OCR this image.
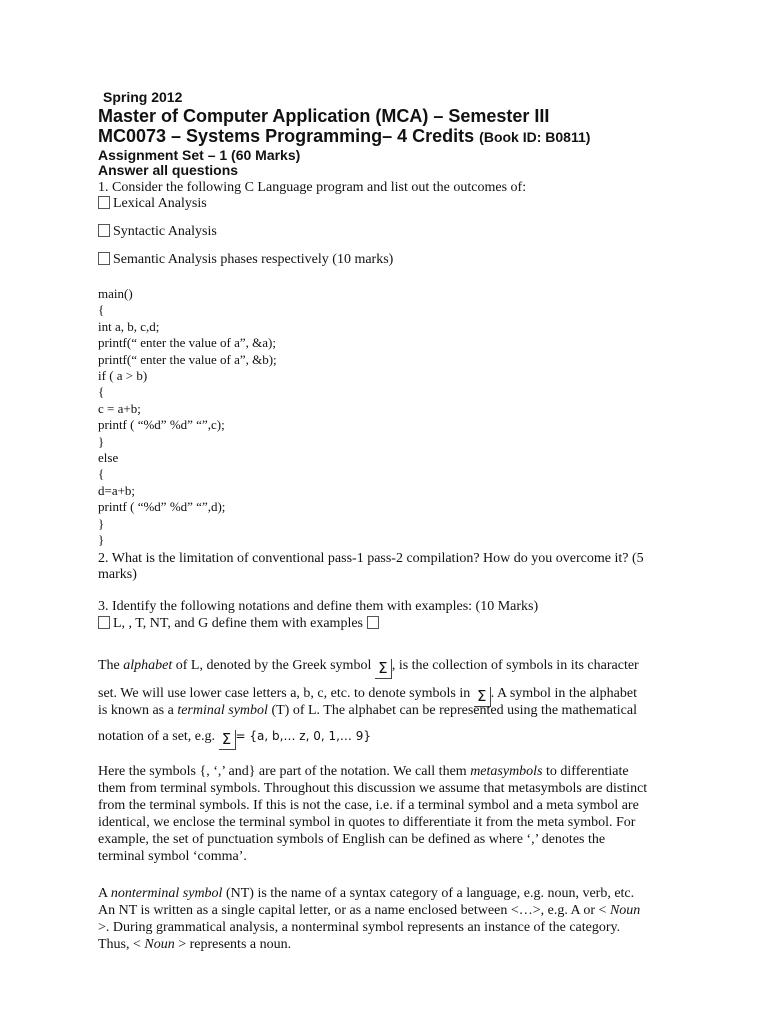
Spring 2012
Master of Computer Application (MCA) – Semester III
MC0073 – Systems Programming– 4 Credits (Book ID: B0811)
Assignment Set – 1 (60 Marks)
Answer all questions
1. Consider the following C Language program and list out the outcomes of:
Lexical Analysis
Syntactic Analysis
Semantic Analysis phases respectively (10 marks)
main()
{
int a, b, c,d;
printf(“ enter the value of a”, &a);
printf(“ enter the value of a”, &b);
if ( a > b)
{
c = a+b;
printf ( “%d” %d” “”,c);
}
else
{
d=a+b;
printf ( “%d” %d” “”,d);
}
}
2. What is the limitation of conventional pass-1 pass-2 compilation? How do you overcome it? (5
marks)
3. Identify the following notations and define them with examples: (10 Marks)
L, , T, NT, and G define them with examples
The alphabet of L, denoted by the Greek symbol Σ , is the collection of symbols in its character
set. We will use lower case letters a, b, c, etc. to denote symbols in Σ . A symbol in the alphabet
is known as a terminal symbol (T) of L. The alphabet can be represented using the mathematical
notation of a set, e.g. Σ = {a, b,… z, 0, 1,… 9}
Here the symbols {, ‘,’ and} are part of the notation. We call them metasymbols to differentiate
them from terminal symbols. Throughout this discussion we assume that metasymbols are distinct
from the terminal symbols. If this is not the case, i.e. if a terminal symbol and a meta symbol are
identical, we enclose the terminal symbol in quotes to differentiate it from the meta symbol. For
example, the set of punctuation symbols of English can be defined as where ‘,’ denotes the
terminal symbol ‘comma’.
A nonterminal symbol (NT) is the name of a syntax category of a language, e.g. noun, verb, etc.
An NT is written as a single capital letter, or as a name enclosed between <…>, e.g. A or < Noun
>. During grammatical analysis, a nonterminal symbol represents an instance of the category.
Thus, < Noun > represents a noun.
